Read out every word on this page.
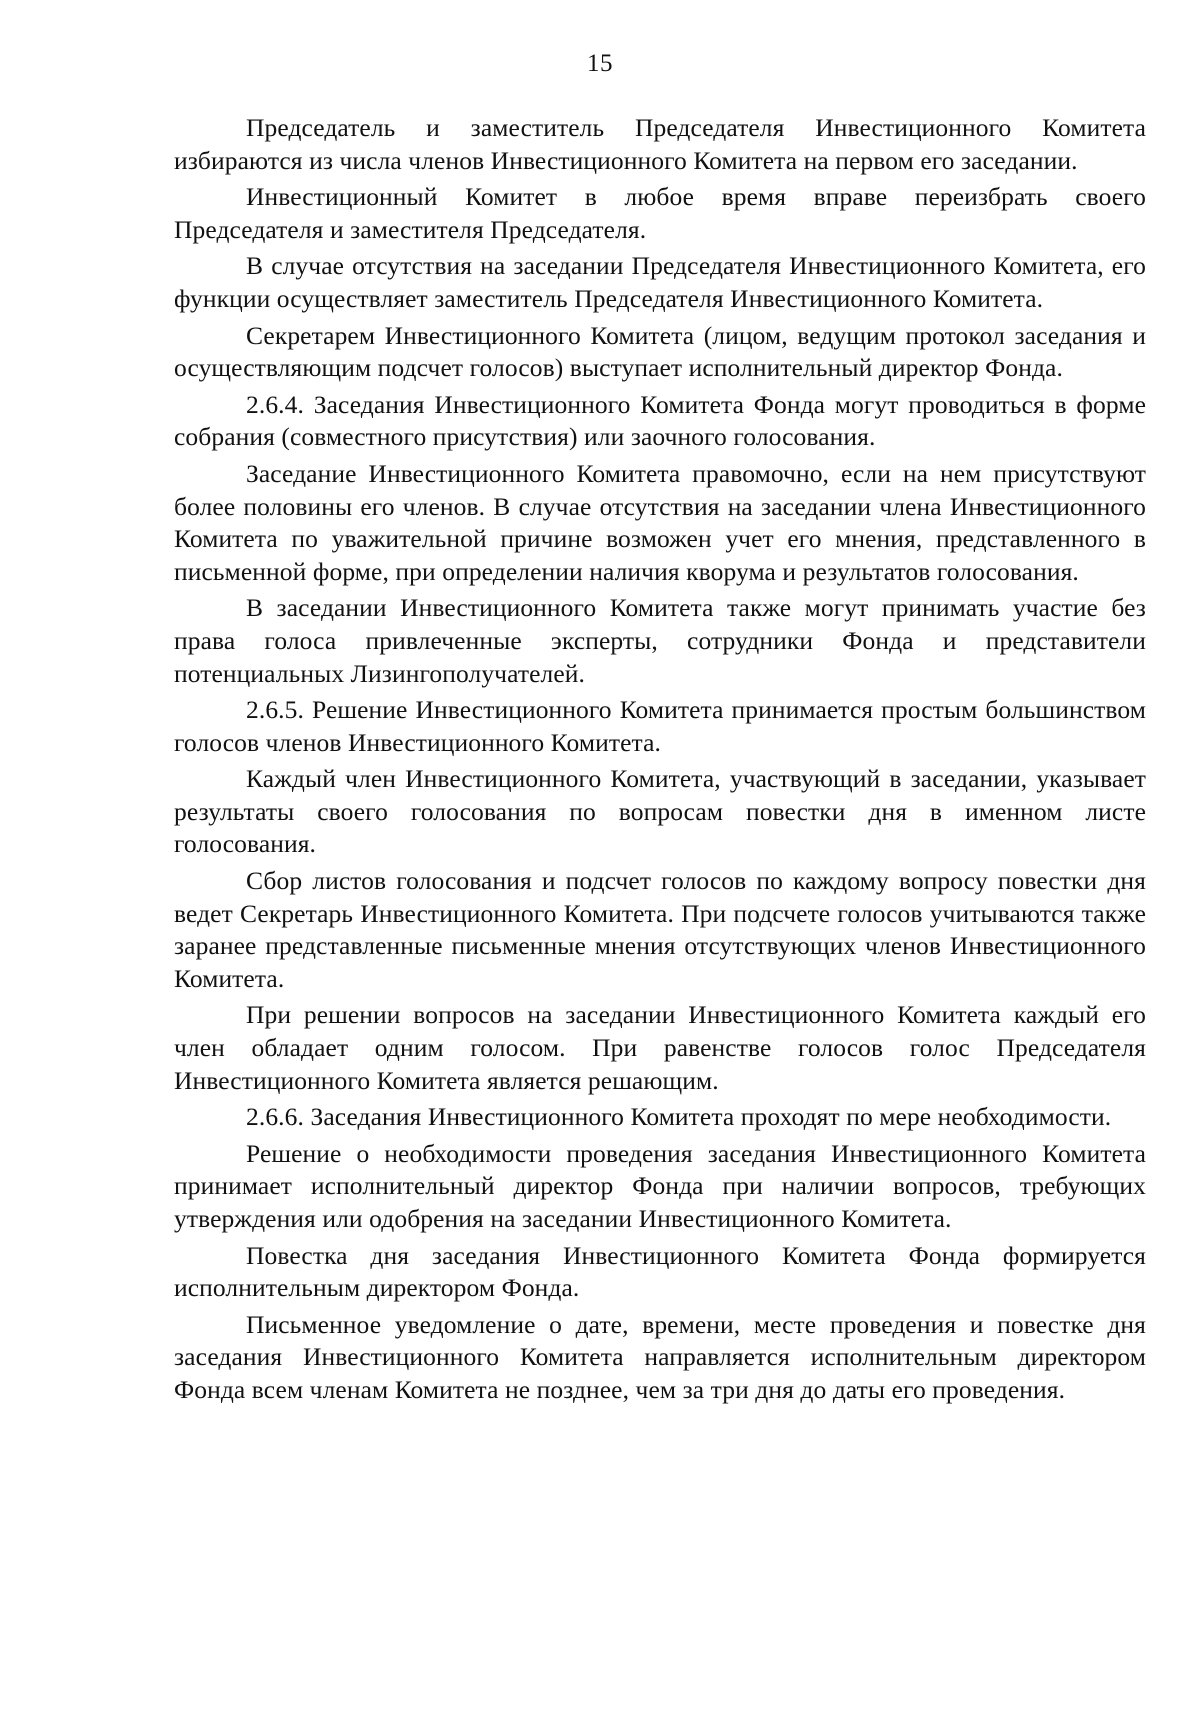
15

Председатель и заместитель Председателя Инвестиционного Комитета избираются из числа членов Инвестиционного Комитета на первом его заседании.

Инвестиционный Комитет в любое время вправе переизбрать своего Председателя и заместителя Председателя.

В случае отсутствия на заседании Председателя Инвестиционного Комитета, его функции осуществляет заместитель Председателя Инвестиционного Комитета.

Секретарем Инвестиционного Комитета (лицом, ведущим протокол заседания и осуществляющим подсчет голосов) выступает исполнительный директор Фонда.

2.6.4. Заседания Инвестиционного Комитета Фонда могут проводиться в форме собрания (совместного присутствия) или заочного голосования.

Заседание Инвестиционного Комитета правомочно, если на нем присутствуют более половины его членов. В случае отсутствия на заседании члена Инвестиционного Комитета по уважительной причине возможен учет его мнения, представленного в письменной форме, при определении наличия кворума и результатов голосования.

В заседании Инвестиционного Комитета также могут принимать участие без права голоса привлеченные эксперты, сотрудники Фонда и представители потенциальных Лизингополучателей.

2.6.5. Решение Инвестиционного Комитета принимается простым большинством голосов членов Инвестиционного Комитета.

Каждый член Инвестиционного Комитета, участвующий в заседании, указывает результаты своего голосования по вопросам повестки дня в именном листе голосования.

Сбор листов голосования и подсчет голосов по каждому вопросу повестки дня ведет Секретарь Инвестиционного Комитета. При подсчете голосов учитываются также заранее представленные письменные мнения отсутствующих членов Инвестиционного Комитета.

При решении вопросов на заседании Инвестиционного Комитета каждый его член обладает одним голосом. При равенстве голосов голос Председателя Инвестиционного Комитета является решающим.

2.6.6. Заседания Инвестиционного Комитета проходят по мере необходимости.

Решение о необходимости проведения заседания Инвестиционного Комитета принимает исполнительный директор Фонда при наличии вопросов, требующих утверждения или одобрения на заседании Инвестиционного Комитета.

Повестка дня заседания Инвестиционного Комитета Фонда формируется исполнительным директором Фонда.

Письменное уведомление о дате, времени, месте проведения и повестке дня заседания Инвестиционного Комитета направляется исполнительным директором Фонда всем членам Комитета не позднее, чем за три дня до даты его проведения.
